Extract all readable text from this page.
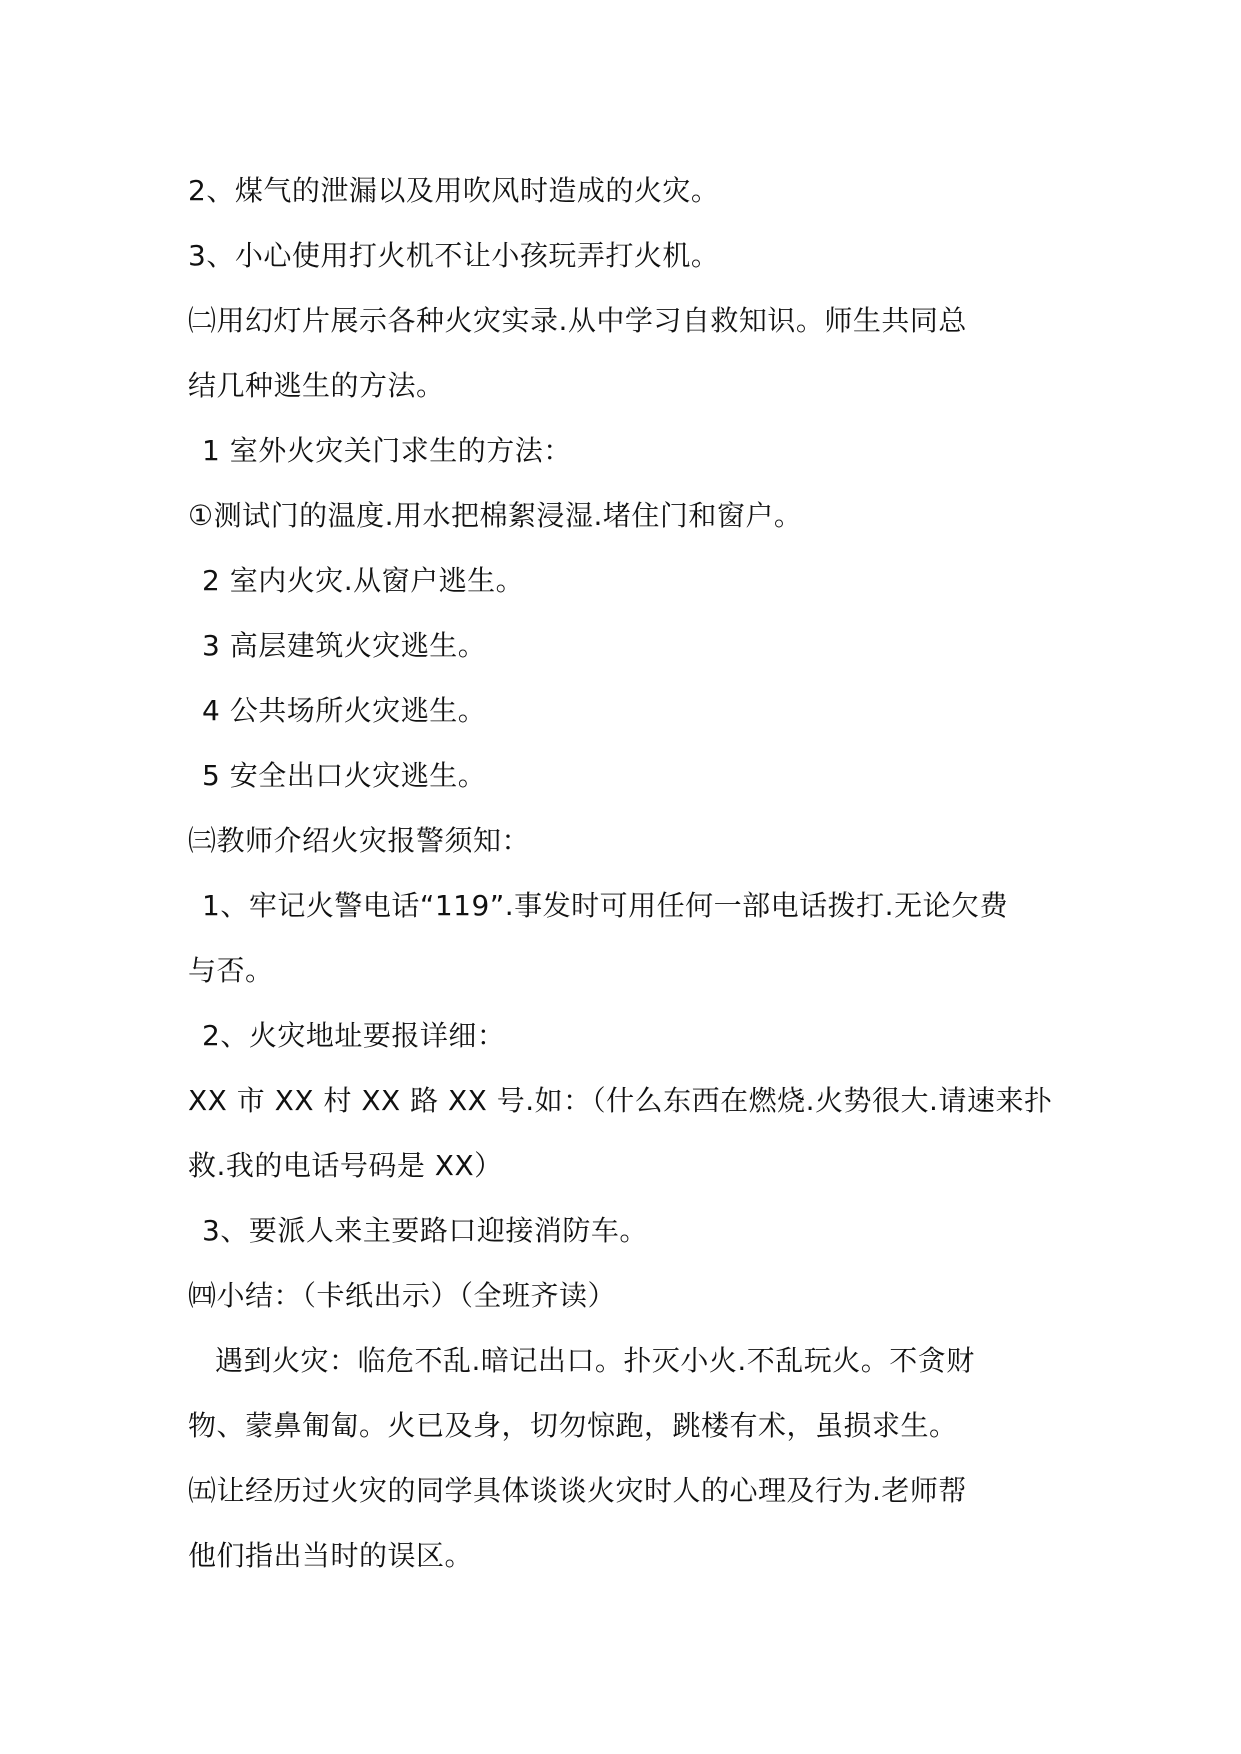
2、煤气的泄漏以及用吹风时造成的火灾。
3、小心使用打火机不让小孩玩弄打火机。
㈡用幻灯片展示各种火灾实录.从中学习自救知识。师生共同总
结几种逃生的方法。
1 室外火灾关门求生的方法：
①测试门的温度.用水把棉絮浸湿.堵住门和窗户。
2 室内火灾.从窗户逃生。
3 高层建筑火灾逃生。
4 公共场所火灾逃生。
5 安全出口火灾逃生。
㈢教师介绍火灾报警须知：
1、牢记火警电话“119”.事发时可用任何一部电话拨打.无论欠费
与否。
2、火灾地址要报详细：
XX 市 XX 村 XX 路 XX 号.如：（什么东西在燃烧.火势很大.请速来扑
救.我的电话号码是 XX）
3、要派人来主要路口迎接消防车。
㈣小结：（卡纸出示）（全班齐读）
遇到火灾：临危不乱.暗记出口。扑灭小火.不乱玩火。不贪财
物、蒙鼻匍匐。火已及身，切勿惊跑，跳楼有术，虽损求生。
㈤让经历过火灾的同学具体谈谈火灾时人的心理及行为.老师帮
他们指出当时的误区。
